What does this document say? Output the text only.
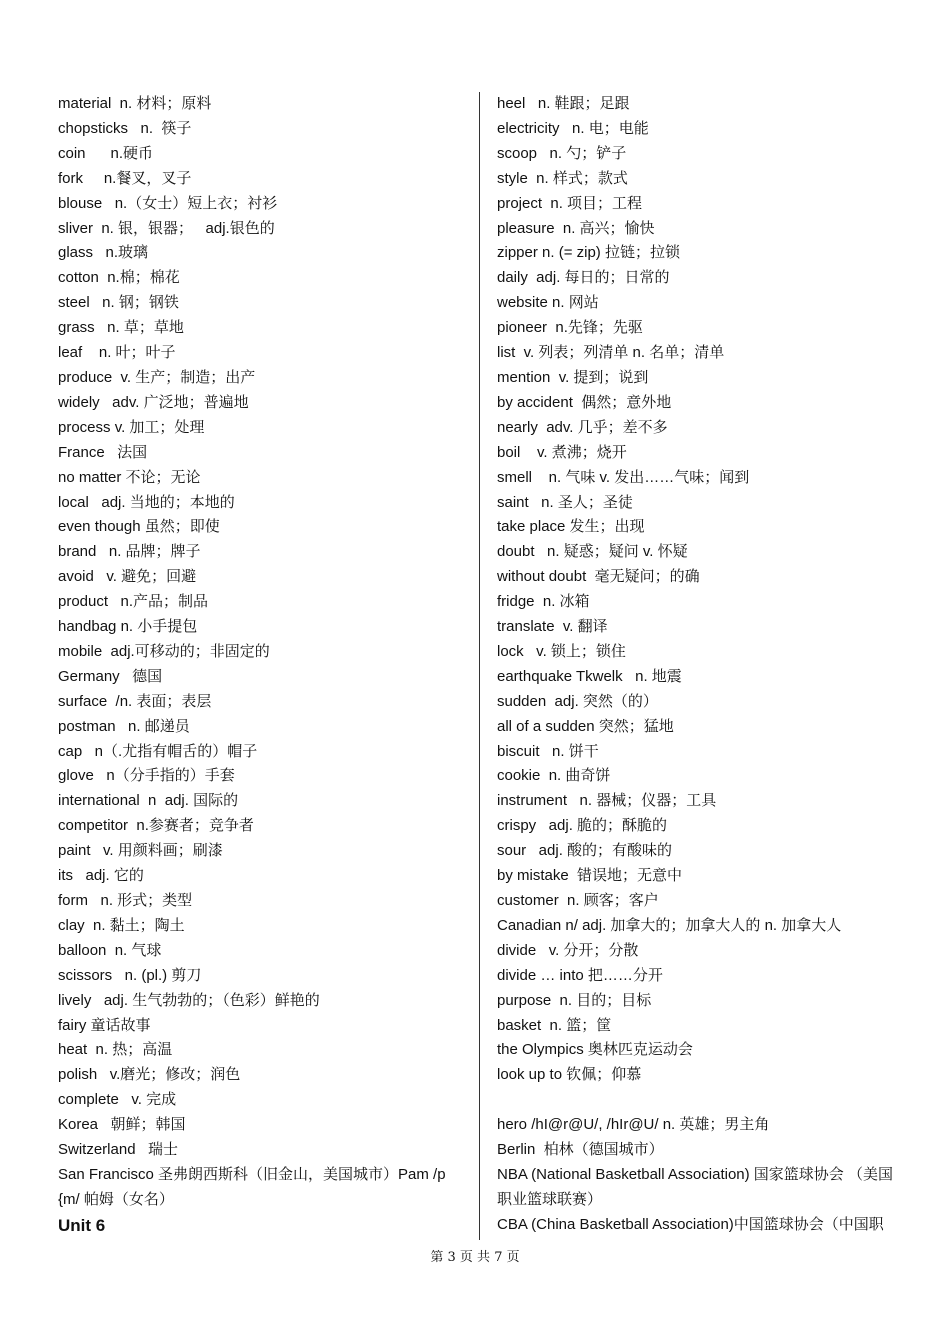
material  n. 材料；原料
chopsticks   n.  筷子
coin      n.硬币
fork     n.餐叉，叉子
blouse   n.（女士）短上衣；衬衫
sliver  n. 银，银器；   adj.银色的
glass   n.玻璃
cotton  n.棉；棉花
steel   n. 钢；钢铁
grass   n. 草；草地
leaf    n. 叶；叶子
produce  v. 生产；制造；出产
widely   adv. 广泛地；普遍地
process v. 加工；处理
France   法国
no matter 不论；无论
local   adj. 当地的；本地的
even though 虽然；即使
brand   n. 品牌；牌子
avoid   v. 避免；回避
product   n.产品；制品
handbag n. 小手提包
mobile  adj.可移动的；非固定的
Germany   德国
surface  /n. 表面；表层
postman   n. 邮递员
cap   n（.尤指有帽舌的）帽子
glove   n（分手指的）手套
international  n  adj. 国际的
competitor  n.参赛者；竞争者
paint   v. 用颜料画；刷漆
its   adj. 它的
form   n. 形式；类型
clay  n. 黏土；陶土
balloon  n. 气球
scissors   n. (pl.) 剪刀
lively   adj. 生气勃勃的；（色彩）鲜艳的
fairy 童话故事
heat  n. 热；高温
polish   v.磨光；修改；润色
complete   v. 完成
Korea   朝鲜；韩国
Switzerland   瑞士
San Francisco 圣弗朗西斯科（旧金山，美国城市）Pam /p{m/ 帕姆（女名）
Unit 6
heel   n. 鞋跟；足跟
electricity   n. 电；电能
scoop   n. 勺；铲子
style  n. 样式；款式
project  n. 项目；工程
pleasure  n. 高兴；愉快
zipper n. (= zip) 拉链；拉锁
daily  adj. 每日的；日常的
website n. 网站
pioneer  n.先锋；先驱
list  v. 列表；列清单 n. 名单；清单
mention  v. 提到；说到
by accident  偶然；意外地
nearly  adv. 几乎；差不多
boil    v. 煮沸；烧开
smell    n. 气味 v. 发出……气味；闻到
saint   n. 圣人；圣徒
take place 发生；出现
doubt   n. 疑惑；疑问 v. 怀疑
without doubt  毫无疑问；的确
fridge  n. 冰箱
translate  v. 翻译
lock   v. 锁上；锁住
earthquake Tkwelk   n. 地震
sudden  adj. 突然（的）
all of a sudden 突然；猛地
biscuit   n. 饼干
cookie  n. 曲奇饼
instrument   n. 器械；仪器；工具
crispy   adj. 脆的；酥脆的
sour   adj. 酸的；有酸味的
by mistake  错误地；无意中
customer  n. 顾客；客户
Canadian n/ adj. 加拿大的；加拿大人的 n. 加拿大人
divide   v. 分开；分散
divide … into 把……分开
purpose  n. 目的；目标
basket  n. 篮；筐
the Olympics 奥林匹克运动会
look up to 钦佩；仰慕
hero /hI@r@U/, /hIr@U/ n. 英雄；男主角
Berlin  柏林（德国城市）
NBA (National Basketball Association) 国家篮球协会 （美国职业篮球联赛）
CBA (China Basketball Association)中国篮球协会（中国职
第 3 页 共 7 页
